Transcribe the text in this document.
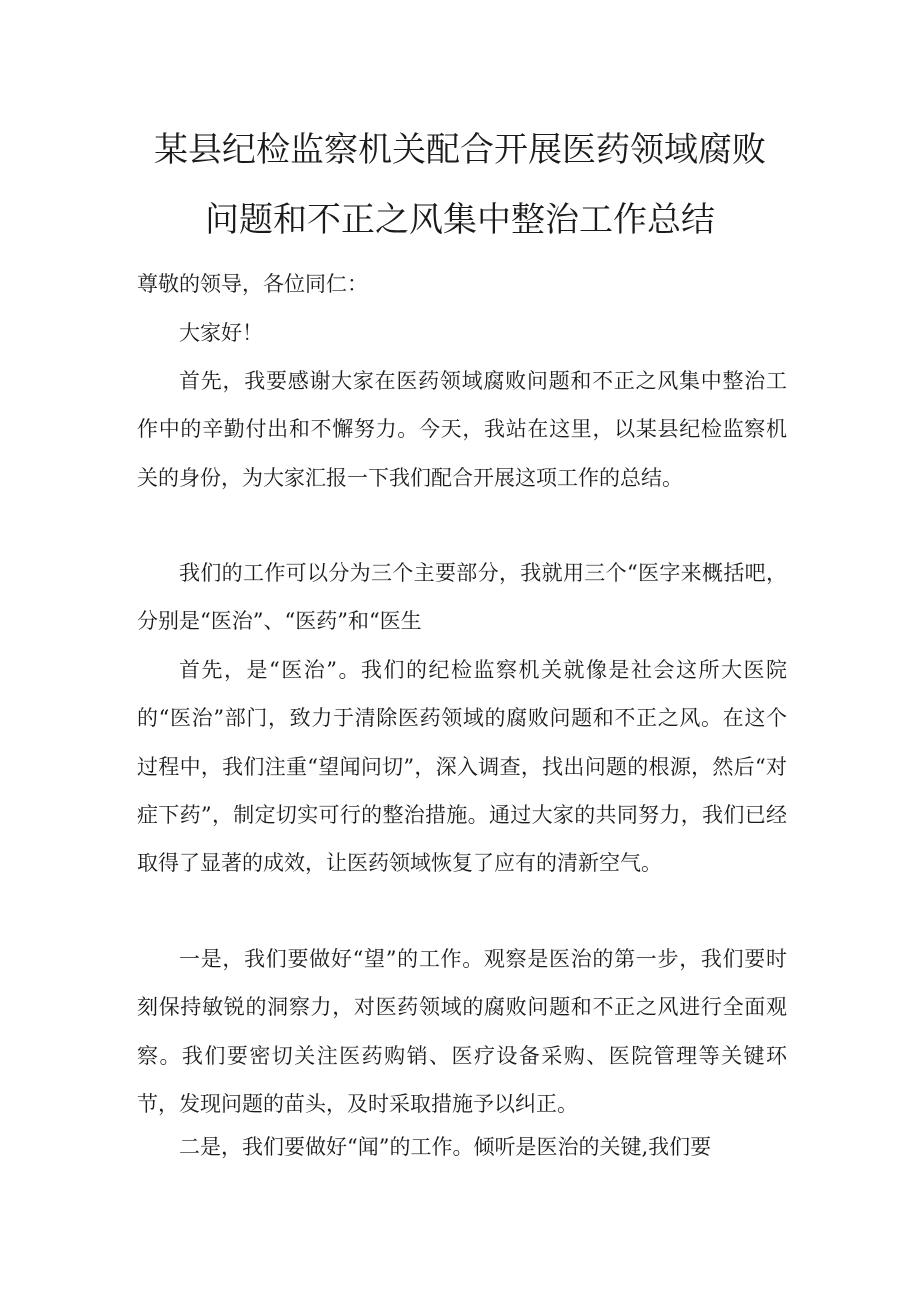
某县纪检监察机关配合开展医药领域腐败
问题和不正之风集中整治工作总结

尊敬的领导，各位同仁：

大家好！

首先，我要感谢大家在医药领域腐败问题和不正之风集中整治工作中的辛勤付出和不懈努力。今天，我站在这里，以某县纪检监察机关的身份，为大家汇报一下我们配合开展这项工作的总结。

我们的工作可以分为三个主要部分，我就用三个“医字来概括吧，分别是“医治”、“医药”和“医生

首先，是“医治”。我们的纪检监察机关就像是社会这所大医院的“医治”部门，致力于清除医药领域的腐败问题和不正之风。在这个过程中，我们注重“望闻问切”，深入调查，找出问题的根源，然后“对症下药”，制定切实可行的整治措施。通过大家的共同努力，我们已经取得了显著的成效，让医药领域恢复了应有的清新空气。

一是，我们要做好“望”的工作。观察是医治的第一步，我们要时刻保持敏锐的洞察力，对医药领域的腐败问题和不正之风进行全面观察。我们要密切关注医药购销、医疗设备采购、医院管理等关键环节，发现问题的苗头，及时采取措施予以纠正。

二是，我们要做好“闻”的工作。倾听是医治的关键,我们要
